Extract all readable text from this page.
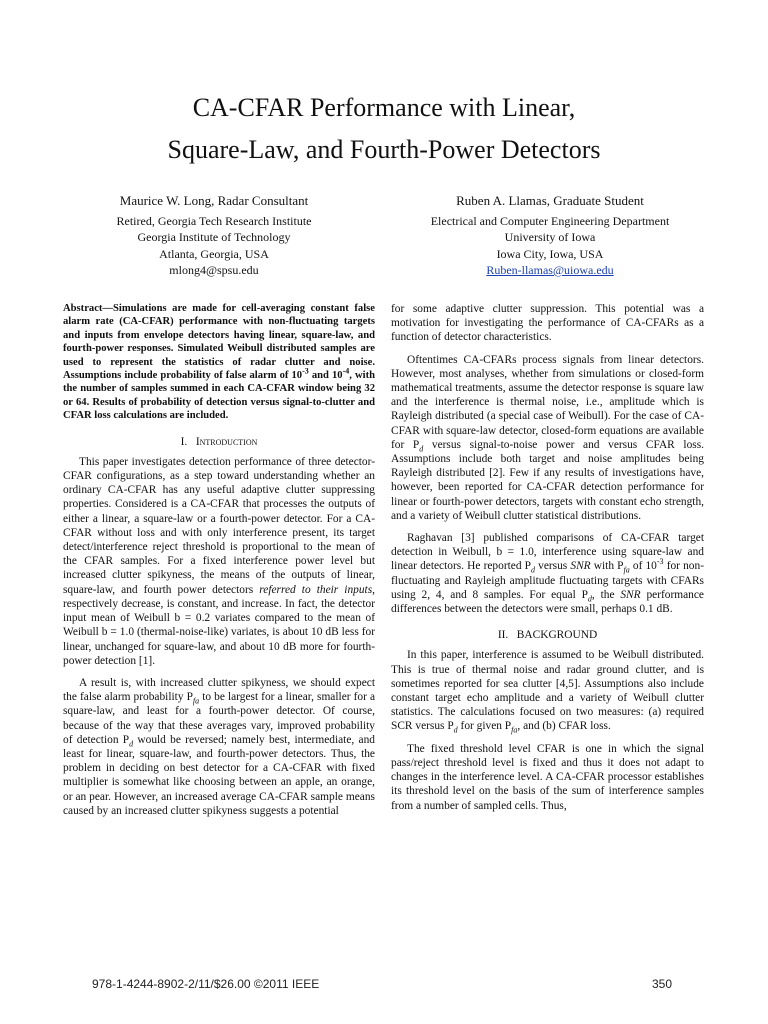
CA-CFAR Performance with Linear,
Square-Law, and Fourth-Power Detectors
Maurice W. Long, Radar Consultant
Retired, Georgia Tech Research Institute
Georgia Institute of Technology
Atlanta, Georgia, USA
mlong4@spsu.edu
Ruben A. Llamas, Graduate Student
Electrical and Computer Engineering Department
University of Iowa
Iowa City, Iowa, USA
Ruben-llamas@uiowa.edu

Abstract—Simulations are made for cell-averaging constant false alarm rate (CA-CFAR) performance with non-fluctuating targets and inputs from envelope detectors having linear, square-law, and fourth-power responses. Simulated Weibull distributed samples are used to represent the statistics of radar clutter and noise. Assumptions include probability of false alarm of $10^{-3}$ and $10^{-4}$, with the number of samples summed in each CA-CFAR window being 32 or 64. Results of probability of detection versus signal-to-clutter and CFAR loss calculations are included.

I. Introduction

This paper investigates detection performance of three detector-CFAR configurations, as a step toward understanding whether an ordinary CA-CFAR has any useful adaptive clutter suppressing properties. Considered is a CA-CFAR that processes the outputs of either a linear, a square-law or a fourth-power detector. For a CA-CFAR without loss and with only interference present, its target detect/interference reject threshold is proportional to the mean of the CFAR samples. For a fixed interference power level but increased clutter spikyness, the means of the outputs of linear, square-law, and fourth power detectors referred to their inputs, respectively decrease, is constant, and increase. In fact, the detector input mean of Weibull b = 0.2 variates compared to the mean of Weibull b = 1.0 (thermal-noise-like) variates, is about 10 dB less for linear, unchanged for square-law, and about 10 dB more for fourth-power detection [1].

A result is, with increased clutter spikyness, we should expect the false alarm probability $P_{fa}$ to be largest for a linear, smaller for a square-law, and least for a fourth-power detector. Of course, because of the way that these averages vary, improved probability of detection $P_d$ would be reversed; namely best, intermediate, and least for linear, square-law, and fourth-power detectors. Thus, the problem in deciding on best detector for a CA-CFAR with fixed multiplier is somewhat like choosing between an apple, an orange, or an pear. However, an increased average CA-CFAR sample means caused by an increased clutter spikyness suggests a potential

for some adaptive clutter suppression. This potential was a motivation for investigating the performance of CA-CFARs as a function of detector characteristics.

Oftentimes CA-CFARs process signals from linear detectors. However, most analyses, whether from simulations or closed-form mathematical treatments, assume the detector response is square law and the interference is thermal noise, i.e., amplitude which is Rayleigh distributed (a special case of Weibull). For the case of CA-CFAR with square-law detector, closed-form equations are available for $P_d$ versus signal-to-noise power and versus CFAR loss. Assumptions include both target and noise amplitudes being Rayleigh distributed [2]. Few if any results of investigations have, however, been reported for CA-CFAR detection performance for linear or fourth-power detectors, targets with constant echo strength, and a variety of Weibull clutter statistical distributions.

Raghavan [3] published comparisons of CA-CFAR target detection in Weibull, b = 1.0, interference using square-law and linear detectors. He reported $P_d$ versus SNR with $P_{fa}$ of $10^{-3}$ for non-fluctuating and Rayleigh amplitude fluctuating targets with CFARs using 2, 4, and 8 samples. For equal $P_d$, the SNR performance differences between the detectors were small, perhaps 0.1 dB.

II. BACKGROUND

In this paper, interference is assumed to be Weibull distributed. This is true of thermal noise and radar ground clutter, and is sometimes reported for sea clutter [4,5]. Assumptions also include constant target echo amplitude and a variety of Weibull clutter statistics. The calculations focused on two measures: (a) required SCR versus $P_d$ for given $P_{fa}$, and (b) CFAR loss.

The fixed threshold level CFAR is one in which the signal pass/reject threshold level is fixed and thus it does not adapt to changes in the interference level. A CA-CFAR processor establishes its threshold level on the basis of the sum of interference samples from a number of sampled cells. Thus,

978-1-4244-8902-2/11/$26.00 ©2011 IEEE	350
